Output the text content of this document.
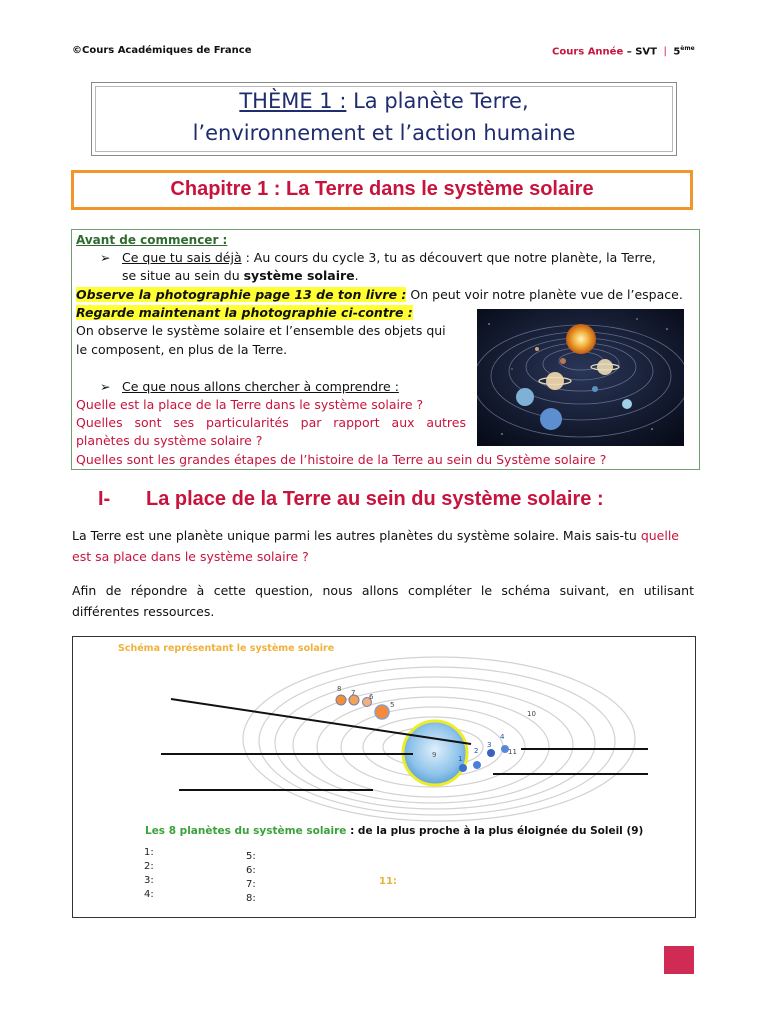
©Cours Académiques de France	Cours Année – SVT | 5ème
THÈME 1 : La planète Terre,
l’environnement et l’action humaine
Chapitre 1 : La Terre dans le système solaire
Avant de commencer :
➢ Ce que tu sais déjà : Au cours du cycle 3, tu as découvert que notre planète, la Terre,
se situe au sein du système solaire.
Observe la photographie page 13 de ton livre : On peut voir notre planète vue de l’espace.
Regarde maintenant la photographie ci-contre :
On observe le système solaire et l’ensemble des objets qui
le composent, en plus de la Terre.
➢ Ce que nous allons chercher à comprendre :
Quelle est la place de la Terre dans le système solaire ?
Quelles sont ses particularités par rapport aux autres
planètes du système solaire ?
Quelles sont les grandes étapes de l’histoire de la Terre au sein du Système solaire ?
I- La place de la Terre au sein du système solaire :
La Terre est une planète unique parmi les autres planètes du système solaire. Mais sais-tu quelle
est sa place dans le système solaire ?
Afin de répondre à cette question, nous allons compléter le schéma suivant, en utilisant différentes ressources.
Schéma représentant le système solaire
8 7 6
5
10
9	1
2
3
4
11
Les 8 planètes du système solaire : de la plus proche à la plus éloignée du Soleil (9)
1:
2:
3:
4:
5:
6:
7:
8:
11:
